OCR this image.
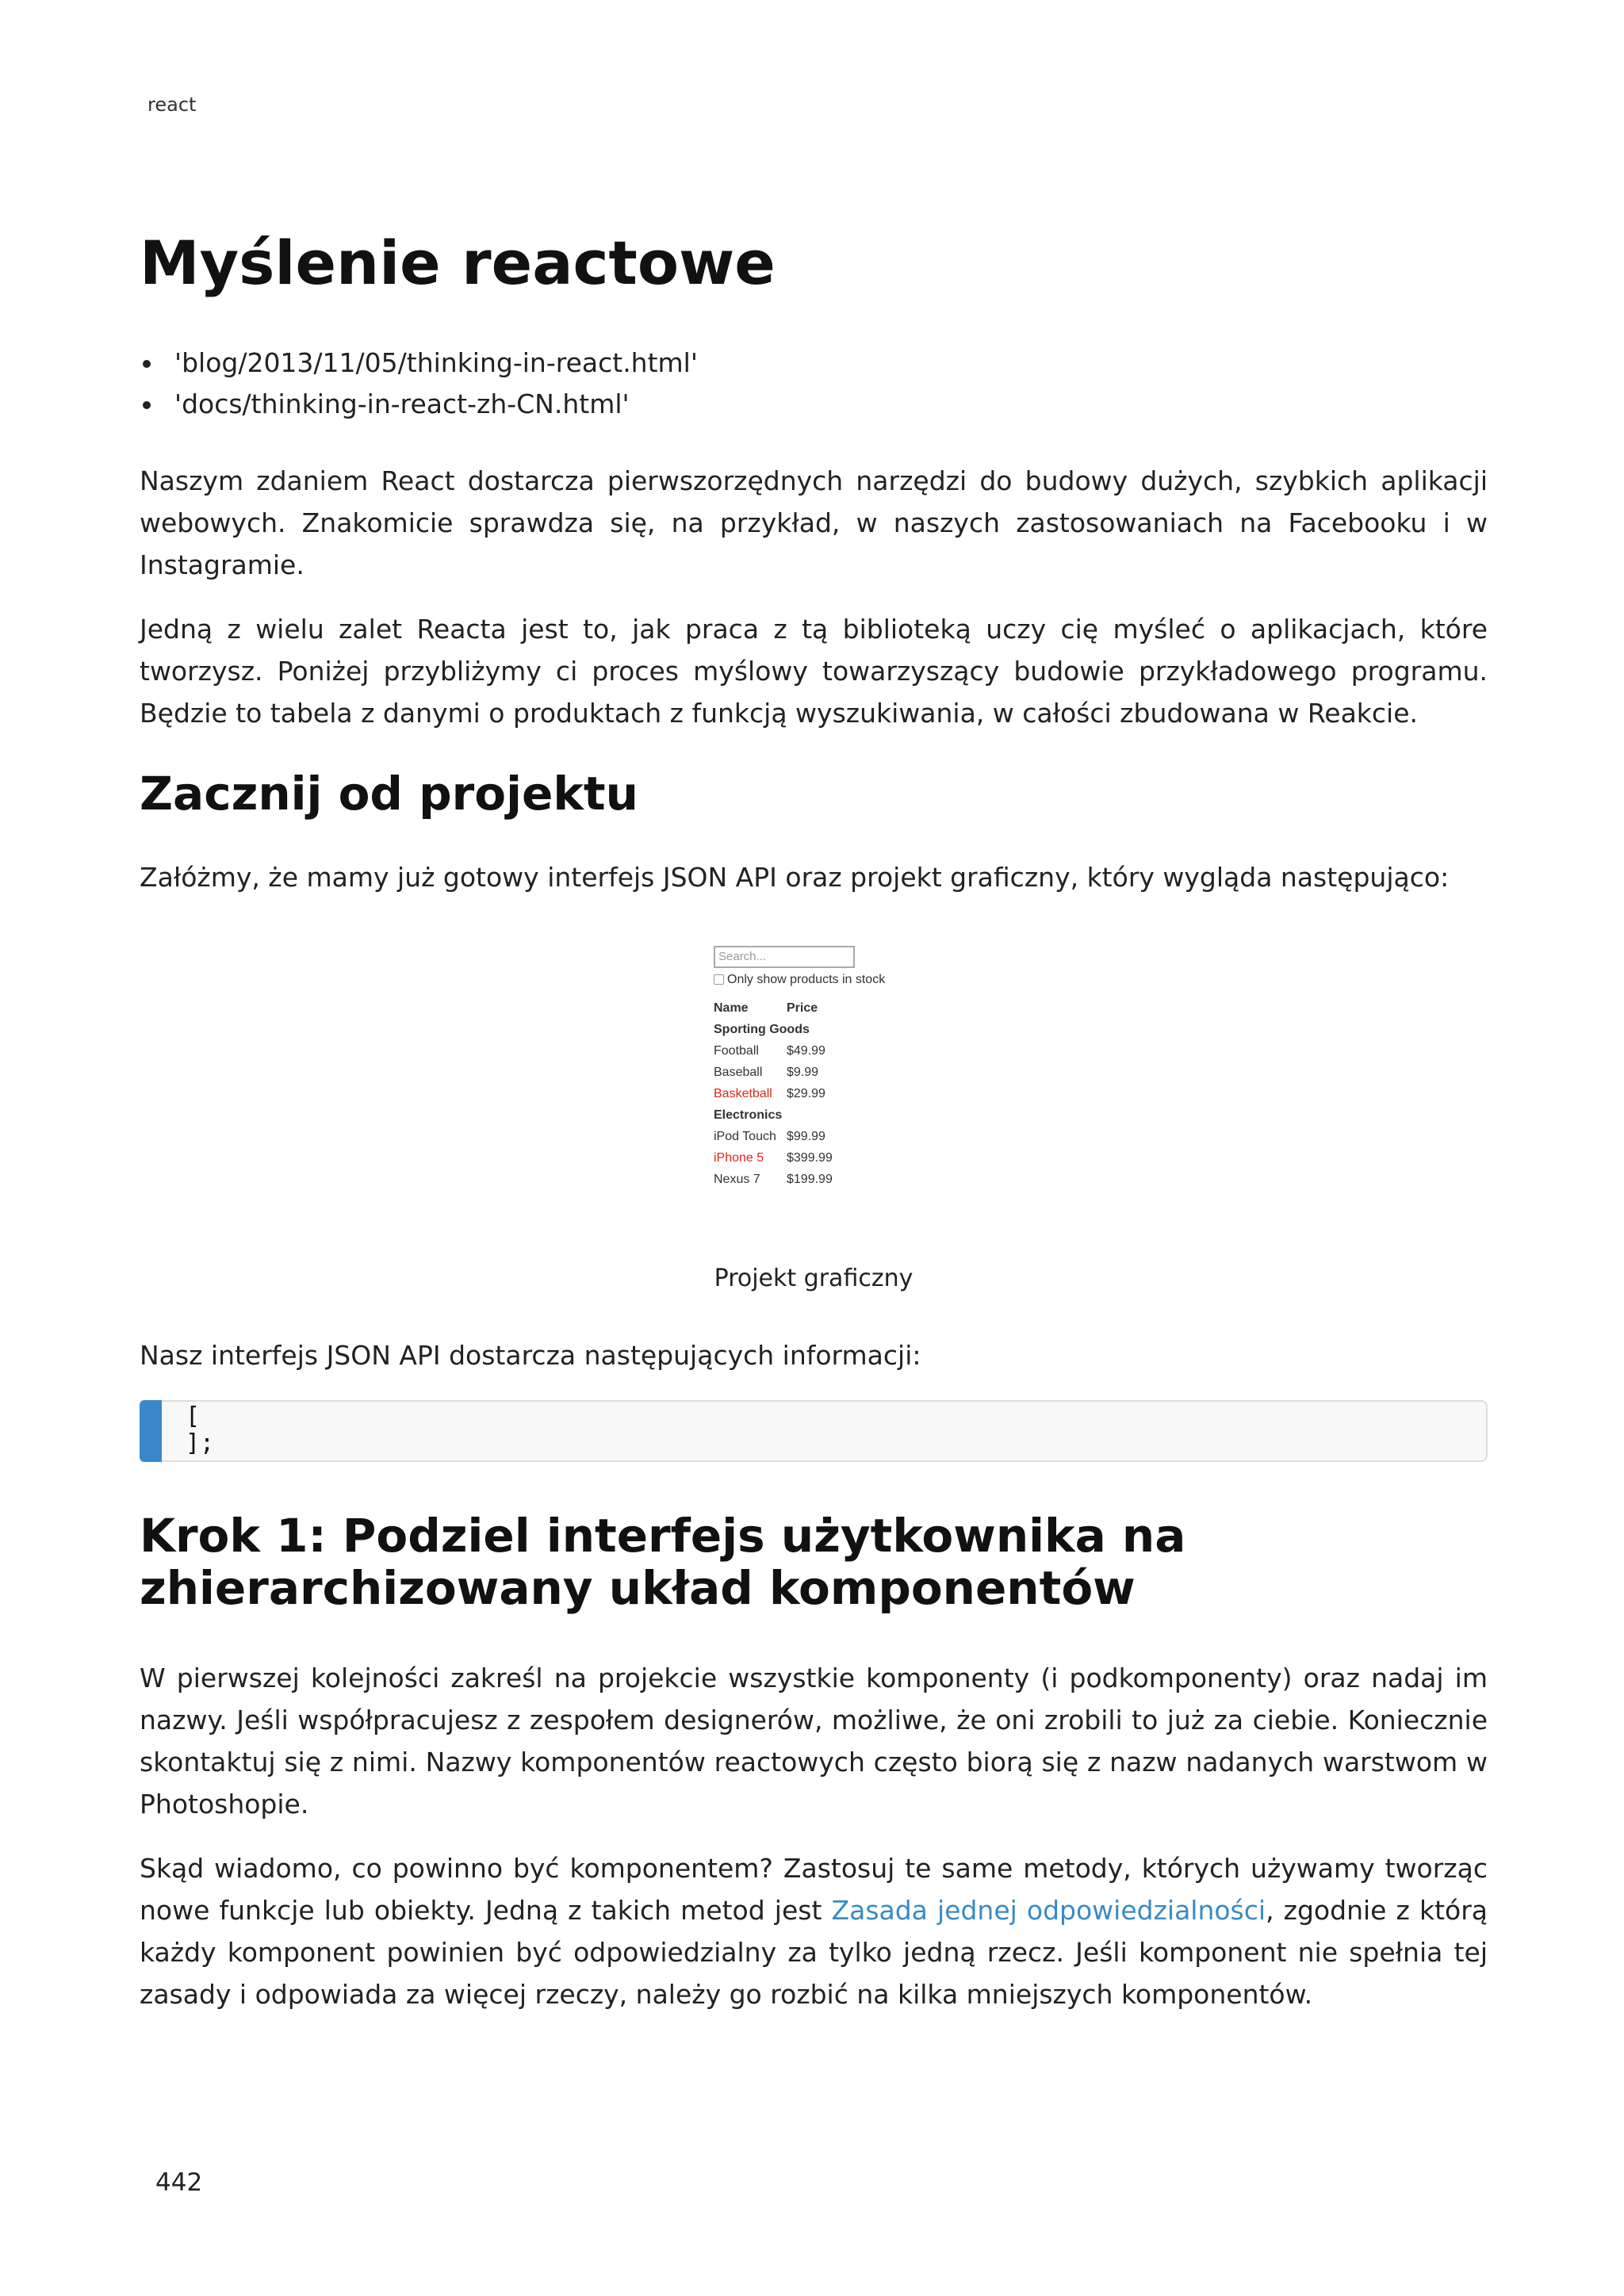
react
Myślenie reactowe
'blog/2013/11/05/thinking-in-react.html'
'docs/thinking-in-react-zh-CN.html'

Naszym zdaniem React dostarcza pierwszorzędnych narzędzi do budowy dużych, szybkich aplikacji webowych. Znakomicie sprawdza się, na przykład, w naszych zastosowaniach na Facebooku i w Instagramie.

Jedną z wielu zalet Reacta jest to, jak praca z tą biblioteką uczy cię myśleć o aplikacjach, które tworzysz. Poniżej przybliżymy ci proces myślowy towarzyszący budowie przykładowego programu. Będzie to tabela z danymi o produktach z funkcją wyszukiwania, w całości zbudowana w Reakcie.

Zacznij od projektu

Załóżmy, że mamy już gotowy interfejs JSON API oraz projekt graficzny, który wygląda następująco:

Search...
Only show products in stock
Name	Price
Sporting Goods	
Football	$49.99
Baseball	$9.99
Basketball	$29.99
Electronics	
iPod Touch	$99.99
iPhone 5	$399.99
Nexus 7	$199.99
Projekt graficzny

Nasz interfejs JSON API dostarcza następujących informacji:

[
];
Krok 1: Podziel interfejs użytkownika na zhierarchizowany układ komponentów

W pierwszej kolejności zakreśl na projekcie wszystkie komponenty (i podkomponenty) oraz nadaj im nazwy. Jeśli współpracujesz z zespołem designerów, możliwe, że oni zrobili to już za ciebie. Koniecznie skontaktuj się z nimi. Nazwy komponentów reactowych często biorą się z nazw nadanych warstwom w Photoshopie.

Skąd wiadomo, co powinno być komponentem? Zastosuj te same metody, których używamy tworząc nowe funkcje lub obiekty. Jedną z takich metod jest Zasada jednej odpowiedzialności, zgodnie z którą każdy komponent powinien być odpowiedzialny za tylko jedną rzecz. Jeśli komponent nie spełnia tej zasady i odpowiada za więcej rzeczy, należy go rozbić na kilka mniejszych komponentów.

442
